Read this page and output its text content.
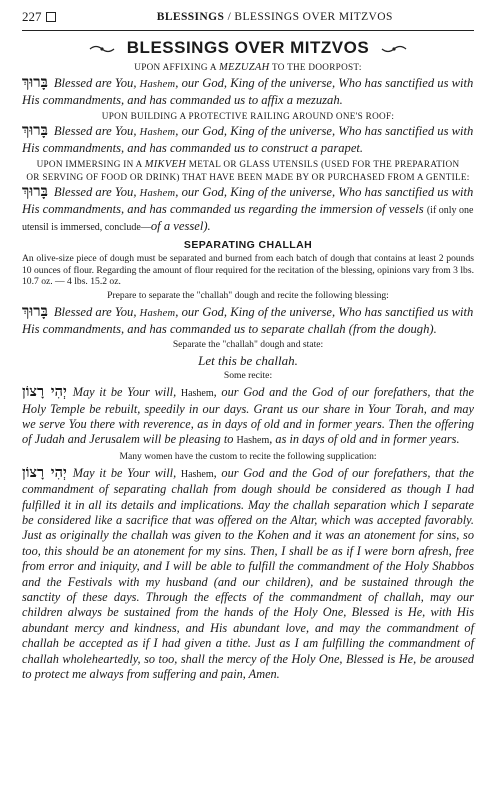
227	BLESSINGS / BLESSINGS OVER MITZVOS
BLESSINGS OVER MITZVOS
UPON AFFIXING A MEZUZAH TO THE DOORPOST:

בָּרוּךְ Blessed are You, Hashem, our God, King of the universe, Who has sanctified us with His commandments, and has commanded us to affix a mezuzah.

UPON BUILDING A PROTECTIVE RAILING AROUND ONE'S ROOF:

בָּרוּךְ Blessed are You, Hashem, our God, King of the universe, Who has sanctified us with His commandments, and has commanded us to construct a parapet.

UPON IMMERSING IN A MIKVEH METAL OR GLASS UTENSILS (USED FOR THE PREPARATION
OR SERVING OF FOOD OR DRINK) THAT HAVE BEEN MADE BY OR PURCHASED FROM A GENTILE:

בָּרוּךְ Blessed are You, Hashem, our God, King of the universe, Who has sanctified us with His commandments, and has commanded us regarding the immersion of vessels (if only one utensil is immersed, conclude—of a vessel).

SEPARATING CHALLAH

An olive-size piece of dough must be separated and burned from each batch of dough that contains at least 2 pounds 10 ounces of flour. Regarding the amount of flour required for the recitation of the blessing, opinions vary from 3 lbs. 10.7 oz. — 4 lbs. 15.2 oz.

Prepare to separate the "challah" dough and recite the following blessing:

בָּרוּךְ Blessed are You, Hashem, our God, King of the universe, Who has sanctified us with His commandments, and has commanded us to separate challah (from the dough).

Separate the "challah" dough and state:
Let this be challah.
Some recite:

יְהִי רָצוֹן May it be Your will, Hashem, our God and the God of our forefathers, that the Holy Temple be rebuilt, speedily in our days. Grant us our share in Your Torah, and may we serve You there with reverence, as in days of old and in former years. Then the offering of Judah and Jerusalem will be pleasing to Hashem, as in days of old and in former years.

Many women have the custom to recite the following supplication:

יְהִי רָצוֹן May it be Your will, Hashem, our God and the God of our forefathers, that the commandment of separating challah from dough should be considered as though I had fulfilled it in all its details and implications. May the challah separation which I separate be considered like a sacrifice that was offered on the Altar, which was accepted favorably. Just as originally the challah was given to the Kohen and it was an atonement for sins, so too, this should be an atonement for my sins. Then, I shall be as if I were born afresh, free from error and iniquity, and I will be able to fulfill the commandment of the Holy Shabbos and the Festivals with my husband (and our children), and be sustained through the sanctity of these days. Through the effects of the commandment of challah, may our children always be sustained from the hands of the Holy One, Blessed is He, with His abundant mercy and kindness, and His abundant love, and may the commandment of challah be accepted as if I had given a tithe. Just as I am fulfilling the commandment of challah wholeheartedly, so too, shall the mercy of the Holy One, Blessed is He, be aroused to protect me always from suffering and pain, Amen.
